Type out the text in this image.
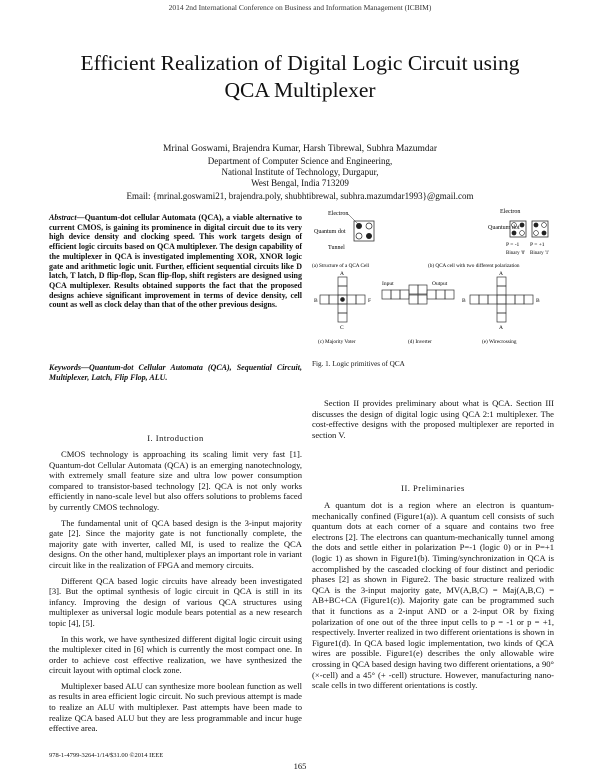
2014 2nd International Conference on Business and Information Management (ICBIM)
Efficient Realization of Digital Logic Circuit using
QCA Multiplexer
Mrinal Goswami, Brajendra Kumar, Harsh Tibrewal, Subhra Mazumdar
Department of Computer Science and Engineering,
National Institute of Technology, Durgapur,
West Bengal, India 713209
Email: {mrinal.goswami21, brajendra.poly, shubhtibrewal, subhra.mazumdar1993}@gmail.com
Abstract—Quantum-dot cellular Automata (QCA), a viable alternative to current CMOS, is gaining its prominence in digital circuit due to its very high device density and clocking speed. This work targets design of efficient logic circuits based on QCA multiplexer. The design capability of the multiplexer in QCA is investigated implementing XOR, XNOR logic gate and arithmetic logic unit. Further, efficient sequential circuits like D latch, T latch, D flip-flop, Scan flip-flop, shift registers are designed using QCA multiplexer. Results obtained supports the fact that the proposed designs achieve significant improvement in terms of device density, cell count as well as clock delay than that of the other previous designs.
Keywords—Quantum-dot Cellular Automata (QCA), Sequential Circuit, Multiplexer, Latch, Flip Flop, ALU.
I. Introduction

CMOS technology is approaching its scaling limit very fast [1]. Quantum-dot Cellular Automata (QCA) is an emerging nanotechnology, with extremely small feature size and ultra low power consumption compared to transistor-based technology [2]. QCA is not only works efficiently in nano-scale level but also offers solutions to problems faced by currently CMOS technology.

The fundamental unit of QCA based design is the 3-input majority gate [2]. Since the majority gate is not functionally complete, the majority gate with inverter, called MI, is used to realize the QCA designs. On the other hand, multiplexer plays an important role in variant circuit like in the realization of FPGA and memory circuits.

Different QCA based logic circuits have already been investigated [3]. But the optimal synthesis of logic circuit in QCA is still in its infancy. Improving the design of various QCA structures using multiplexer as universal logic module bears potential as a new research topic [4], [5].

In this work, we have synthesized different digital logic circuit using the multiplexer cited in [6] which is currently the most compact one. In order to achieve cost effective realization, we have synthesized the circuit layout with optimal clock zone.

Multiplexer based ALU can synthesize more boolean function as well as results in area efficient logic circuit. No such previous attempt is made to realize an ALU with multiplexer. Past attempts have been made to realize QCA based ALU but they are less programmable and incur huge effective area.

Electron
Quantum dot
Tunnel
(a) Structure of a QCA Cell
Electron
Quantum dot
P = -1 P = +1
Binary '0' Binary '1'
(b) QCA cell with two different polarization
A
B
C
F
(c) Majority Voter
Input	Output
(d) Inverter
A
B	B
A
(e) Wirecrossing
Fig. 1. Logic primitives of QCA

Section II provides preliminary about what is QCA. Section III discusses the design of digital logic using QCA 2:1 multiplexer. The cost-effective designs with the proposed multiplexer are reported in section V.

II. Preliminaries

A quantum dot is a region where an electron is quantum-mechanically confined (Figure1(a)). A quantum cell consists of such quantum dots at each corner of a square and contains two free electrons [2]. The electrons can quantum-mechanically tunnel among the dots and settle either in polarization P=-1 (logic 0) or in P=+1 (logic 1) as shown in Figure1(b). Timing/synchronization in QCA is accomplished by the cascaded clocking of four distinct and periodic phases [2] as shown in Figure2. The basic structure realized with QCA is the 3-input majority gate, MV(A,B,C) = Maj(A,B,C) = AB+BC+CA (Figure1(c)). Majority gate can be programmed such that it functions as a 2-input AND or a 2-input OR by fixing polarization of one out of the three input cells to p = -1 or p = +1, respectively. Inverter realized in two different orientations is shown in Figure1(d). In QCA based logic implementation, two kinds of QCA wires are possible. Figure1(e) describes the only allowable wire crossing in QCA based design having two different orientations, a 90° (×-cell) and a 45° (+ -cell) structure. However, manufacturing nano-scale cells in two different orientations is costly.

978-1-4799-3264-1/14/$31.00 ©2014 IEEE
165
